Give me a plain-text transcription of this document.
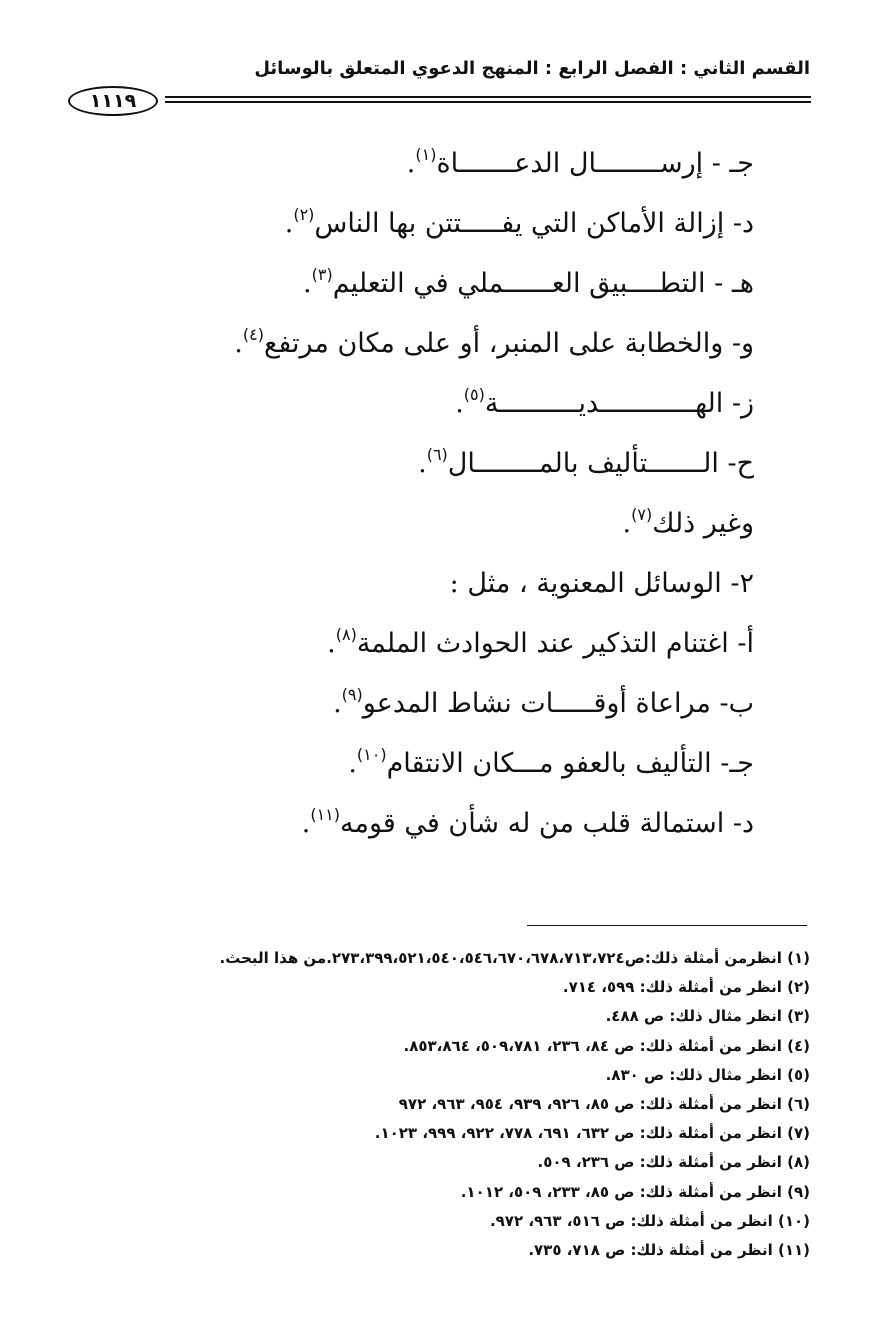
القسم الثاني : الفصل الرابع : المنهج الدعوي المتعلق بالوسائل
١١١٩
جـ - إرســــــــال الدعـــــــاة$^{(١)}$.
د- إزالة الأماكن التي يفـــــتتن بها الناس$^{(٢)}$.
هـ - التطــــبيق العــــــملي في التعليم$^{(٣)}$.
و- والخطابة على المنبر، أو على مكان مرتفع$^{(٤)}$.
ز- الهــــــــــــديــــــــــة$^{(٥)}$.
ح- الـــــــتأليف بالمــــــــال$^{(٦)}$.
وغير ذلك$^{(٧)}$.
٢- الوسائل المعنوية ، مثل :
أ- اغتنام التذكير عند الحوادث الملمة$^{(٨)}$.
ب- مراعاة أوقـــــات نشاط المدعو$^{(٩)}$.
جـ- التأليف بالعفو مـــكان الانتقام$^{(١٠)}$.
د- استمالة قلب من له شأن في قومه$^{(١١)}$.
(١) انظرمن أمثلة ذلك:ص٢٧٣،٣٩٩،٥٢١،٥٤٠،٥٤٦،٦٧٠،٦٧٨،٧١٣،٧٢٤.من هذا البحث.
(٢) انظر من أمثلة ذلك: ٥٩٩، ٧١٤.
(٣) انظر مثال ذلك: ص ٤٨٨.
(٤) انظر من أمثلة ذلك: ص ٨٤، ٢٣٦، ٥٠٩،٧٨١، ٨٥٣،٨٦٤.
(٥) انظر مثال ذلك: ص ٨٣٠.
(٦) انظر من أمثلة ذلك: ص ٨٥، ٩٢٦، ٩٣٩، ٩٥٤، ٩٦٣، ٩٧٢
(٧) انظر من أمثلة ذلك: ص ٦٣٢، ٦٩١، ٧٧٨، ٩٢٢، ٩٩٩، ١٠٢٣.
(٨) انظر من أمثلة ذلك: ص ٢٣٦، ٥٠٩.
(٩) انظر من أمثلة ذلك: ص ٨٥، ٢٣٣، ٥٠٩، ١٠١٢.
(١٠) انظر من أمثلة ذلك: ص ٥١٦، ٩٦٣، ٩٧٢.
(١١) انظر من أمثلة ذلك: ص ٧١٨، ٧٣٥.
